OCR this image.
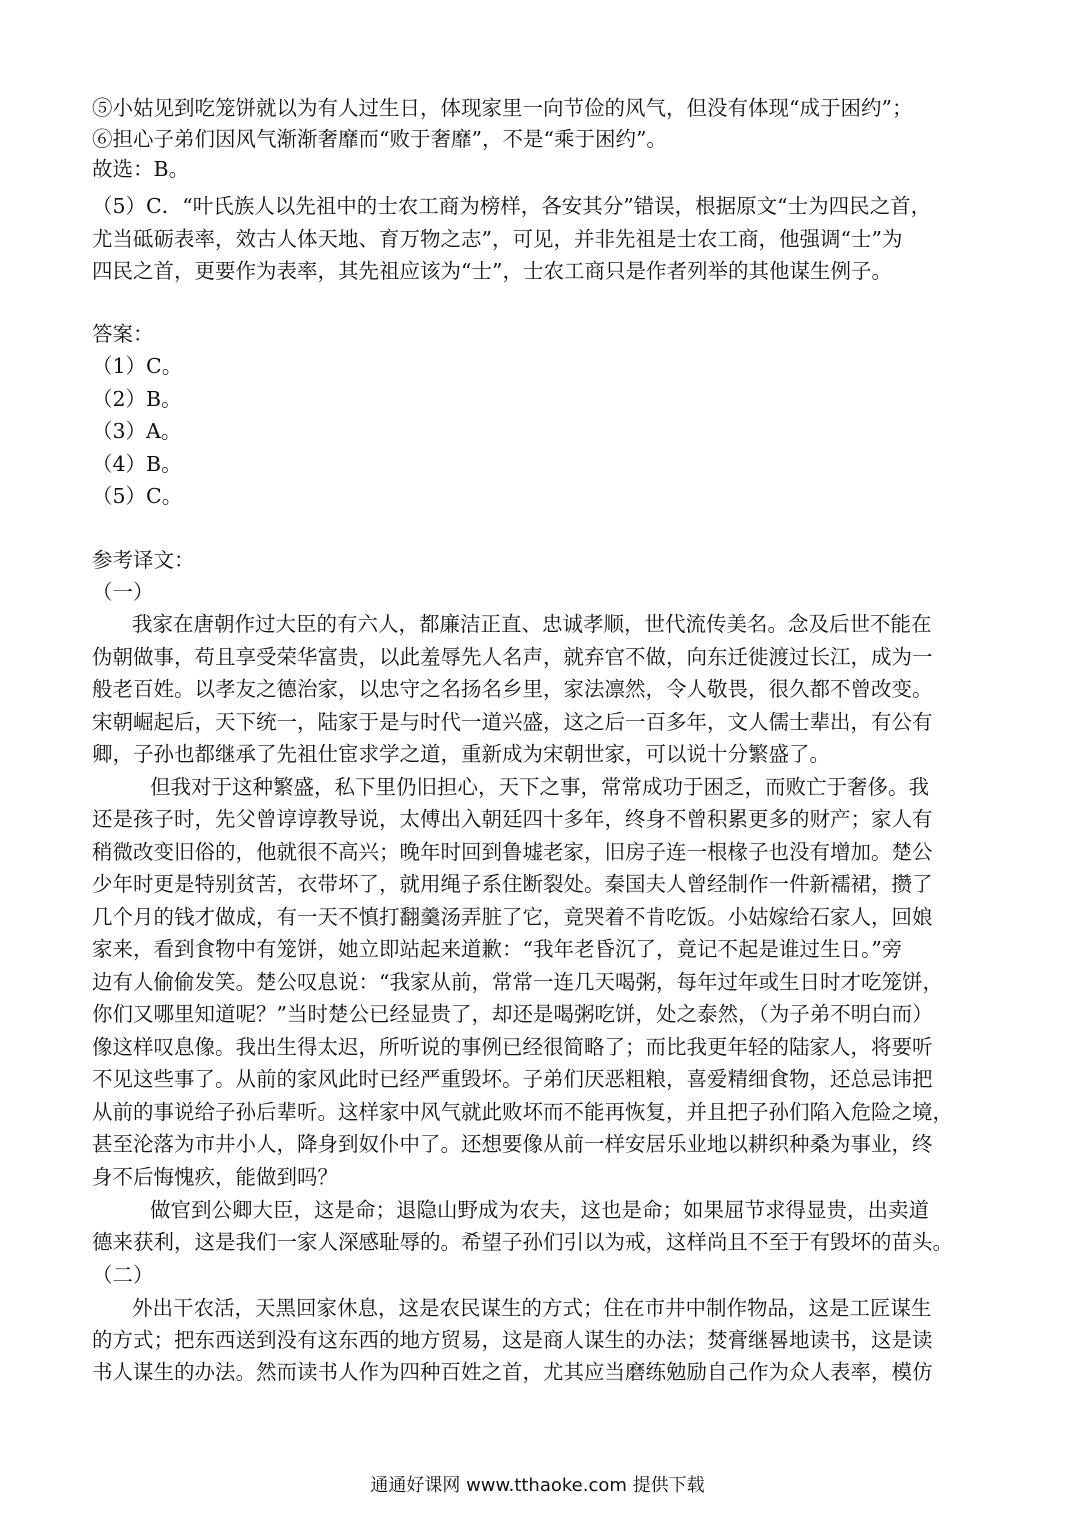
⑤小姑见到吃笼饼就以为有人过生日，体现家里一向节俭的风气，但没有体现“成于困约”；
⑥担心子弟们因风气渐渐奢靡而“败于奢靡”，不是“乘于困约”。
故选：B。
（5）C．“叶氏族人以先祖中的士农工商为榜样，各安其分”错误，根据原文“士为四民之首，
尤当砥砺表率，效古人体天地、育万物之志”，可见，并非先祖是士农工商，他强调“士”为
四民之首，更要作为表率，其先祖应该为“士”，士农工商只是作者列举的其他谋生例子。
答案：
（1）C。
（2）B。
（3）A。
（4）B。
（5）C。
参考译文：
（一）
我家在唐朝作过大臣的有六人，都廉洁正直、忠诚孝顺，世代流传美名。念及后世不能在
伪朝做事，苟且享受荣华富贵，以此羞辱先人名声，就弃官不做，向东迁徙渡过长江，成为一
般老百姓。以孝友之德治家，以忠守之名扬名乡里，家法凛然，令人敬畏，很久都不曾改变。
宋朝崛起后，天下统一，陆家于是与时代一道兴盛，这之后一百多年，文人儒士辈出，有公有
卿，子孙也都继承了先祖仕宦求学之道，重新成为宋朝世家，可以说十分繁盛了。
但我对于这种繁盛，私下里仍旧担心，天下之事，常常成功于困乏，而败亡于奢侈。我
还是孩子时，先父曾谆谆教导说，太傅出入朝廷四十多年，终身不曾积累更多的财产；家人有
稍微改变旧俗的，他就很不高兴；晚年时回到鲁墟老家，旧房子连一根椽子也没有增加。楚公
少年时更是特别贫苦，衣带坏了，就用绳子系住断裂处。秦国夫人曾经制作一件新襦裙，攒了
几个月的钱才做成，有一天不慎打翻羹汤弄脏了它，竟哭着不肯吃饭。小姑嫁给石家人，回娘
家来，看到食物中有笼饼，她立即站起来道歉：“我年老昏沉了，竟记不起是谁过生日。”旁
边有人偷偷发笑。楚公叹息说：“我家从前，常常一连几天喝粥，每年过年或生日时才吃笼饼，
你们又哪里知道呢？”当时楚公已经显贵了，却还是喝粥吃饼，处之泰然，（为子弟不明白而）
像这样叹息像。我出生得太迟，所听说的事例已经很简略了；而比我更年轻的陆家人，将要听
不见这些事了。从前的家风此时已经严重毁坏。子弟们厌恶粗粮，喜爱精细食物，还总忌讳把
从前的事说给子孙后辈听。这样家中风气就此败坏而不能再恢复，并且把子孙们陷入危险之境，
甚至沦落为市井小人，降身到奴仆中了。还想要像从前一样安居乐业地以耕织种桑为事业，终
身不后悔愧疚，能做到吗？
做官到公卿大臣，这是命；退隐山野成为农夫，这也是命；如果屈节求得显贵，出卖道
德来获利，这是我们一家人深感耻辱的。希望子孙们引以为戒，这样尚且不至于有毁坏的苗头。
（二）
外出干农活，天黑回家休息，这是农民谋生的方式；住在市井中制作物品，这是工匠谋生
的方式；把东西送到没有这东西的地方贸易，这是商人谋生的办法；焚膏继晷地读书，这是读
书人谋生的办法。然而读书人作为四种百姓之首，尤其应当磨练勉励自己作为众人表率，模仿
通通好课网 www.tthaoke.com 提供下载
